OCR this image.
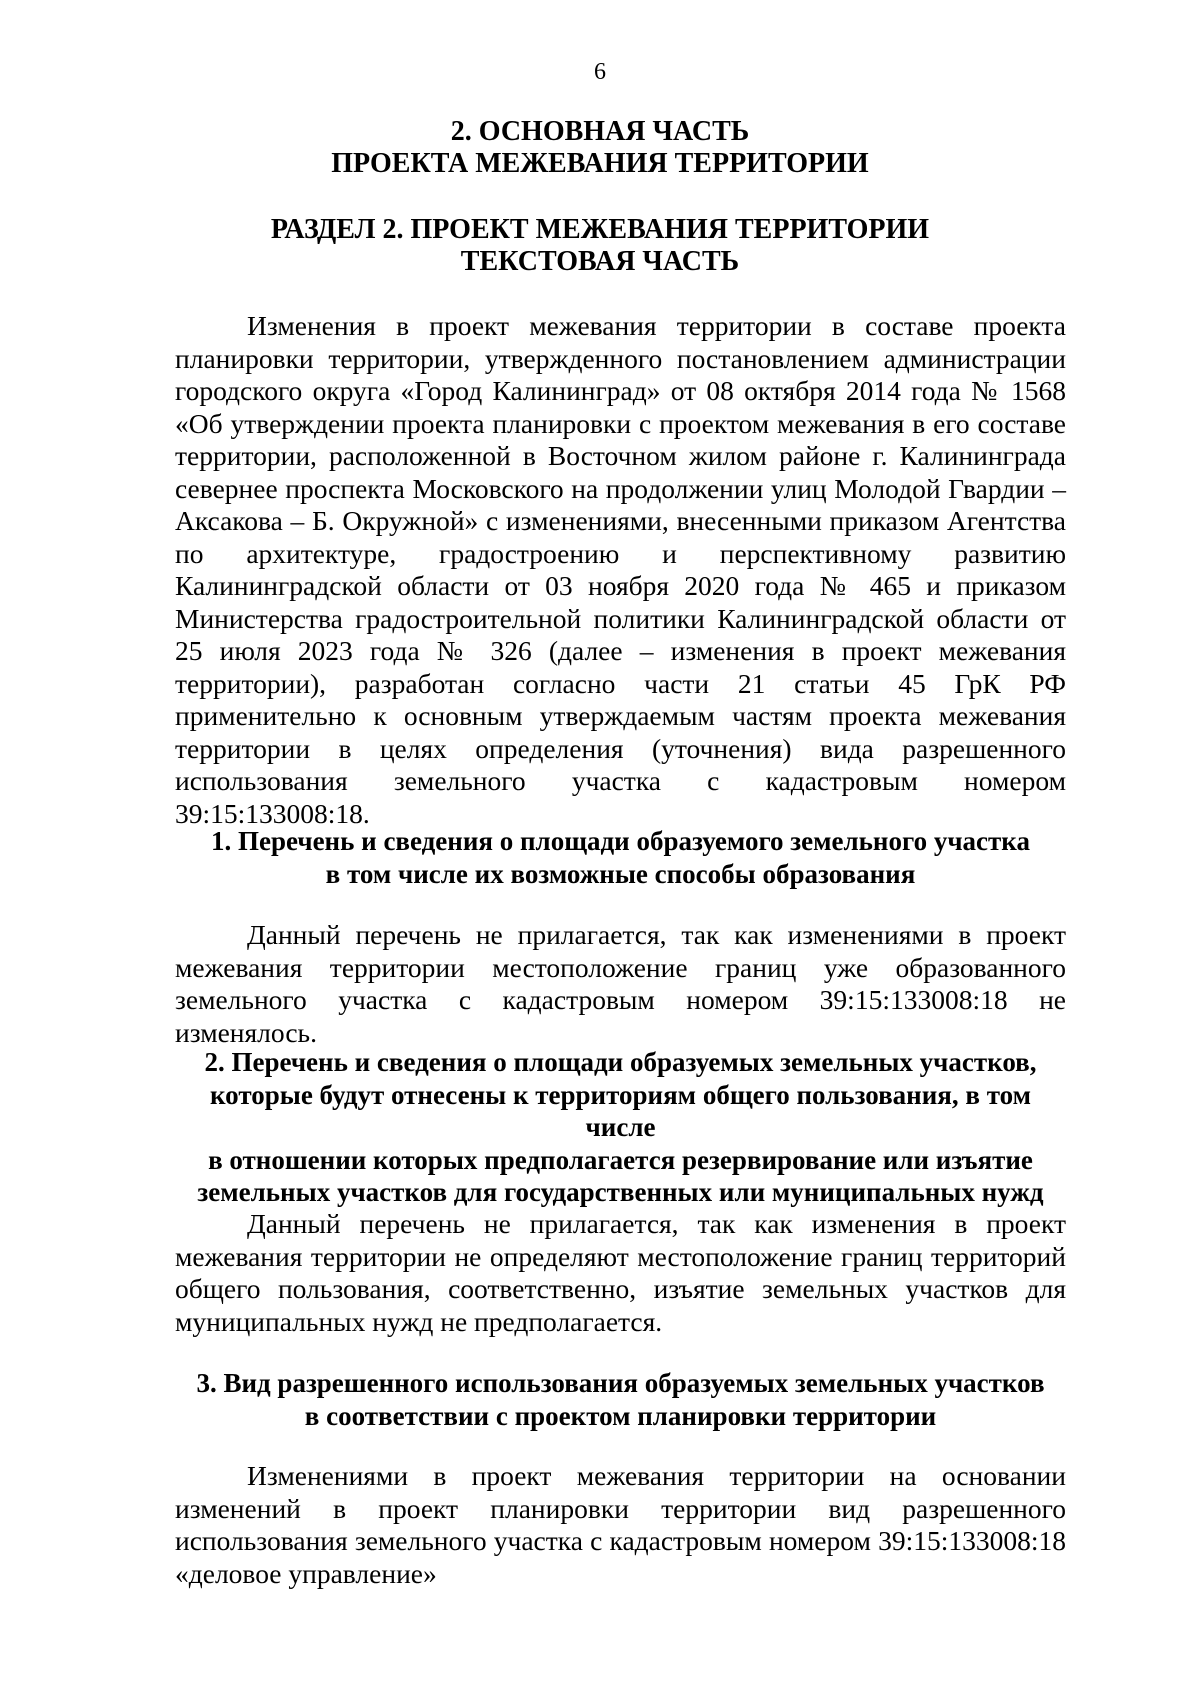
6
2. ОСНОВНАЯ ЧАСТЬ
ПРОЕКТА МЕЖЕВАНИЯ ТЕРРИТОРИИ
РАЗДЕЛ 2. ПРОЕКТ МЕЖЕВАНИЯ ТЕРРИТОРИИ
ТЕКСТОВАЯ ЧАСТЬ

Изменения в проект межевания территории в составе проекта планировки территории, утвержденного постановлением администрации городского округа «Город Калининград» от 08 октября 2014 года № 1568 «Об утверждении проекта планировки с проектом межевания в его составе территории, расположенной в Восточном жилом районе г. Калининграда севернее проспекта Московского на продолжении улиц Молодой Гвардии – Аксакова – Б. Окружной» с изменениями, внесенными приказом Агентства по архитектуре, градостроению и перспективному развитию Калининградской области от 03 ноября 2020 года № 465 и приказом Министерства градостроительной политики Калининградской области от 25 июля 2023 года № 326 (далее – изменения в проект межевания территории), разработан согласно части 21 статьи 45 ГрК РФ применительно к основным утверждаемым частям проекта межевания территории в целях определения (уточнения) вида разрешенного использования земельного участка с кадастровым номером 39:15:133008:18.

1. Перечень и сведения о площади образуемого земельного участка
в том числе их возможные способы образования

Данный перечень не прилагается, так как изменениями в проект межевания территории местоположение границ уже образованного земельного участка с кадастровым номером 39:15:133008:18 не изменялось.

2. Перечень и сведения о площади образуемых земельных участков,
которые будут отнесены к территориям общего пользования, в том числе
в отношении которых предполагается резервирование или изъятие
земельных участков для государственных или муниципальных нужд

Данный перечень не прилагается, так как изменения в проект межевания территории не определяют местоположение границ территорий общего пользования, соответственно, изъятие земельных участков для муниципальных нужд не предполагается.

3. Вид разрешенного использования образуемых земельных участков
в соответствии с проектом планировки территории

Изменениями в проект межевания территории на основании изменений в проект планировки территории вид разрешенного использования земельного участка с кадастровым номером 39:15:133008:18 «деловое управление»
